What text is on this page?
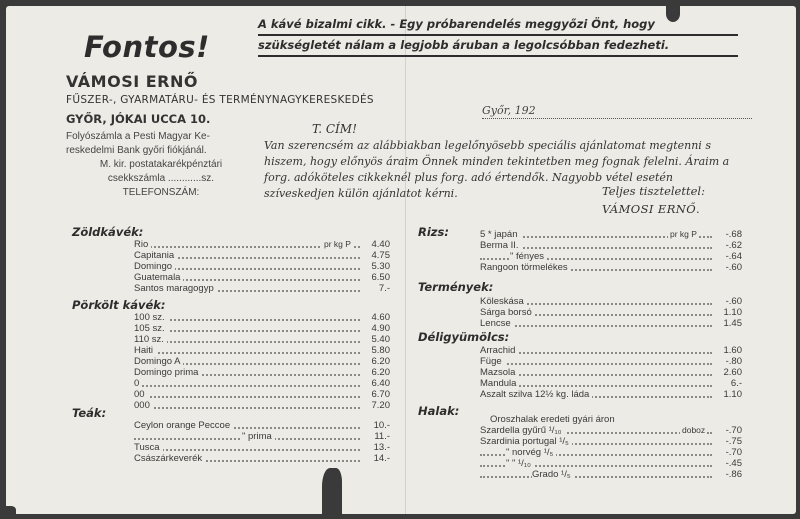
Fontos!
A kávé bizalmi cikk. - Egy próbarendelés meggyőzi Önt, hogy
szükségletét nálam a legjobb áruban a legolcsóbban fedezheti.
VÁMOSI ERNŐ
FŰSZER-, GYARMATÁRU- ÉS TERMÉNYNAGYKERESKEDÉS
GYŐR, JÓKAI UCCA 10.
Folyószámla a Pesti Magyar Ke-
reskedelmi Bank győri fiókjánál.

M. kir. postatakarékpénztári
csekkszámla ............sz.
TELEFONSZÁM:
Győr, 192
T. CÍM!
Van szerencsém az alábbiakban legelőnyösebb speciális ajánlatomat megtenni s hiszem, hogy előnyös áraim Önnek minden tekintetben meg fognak felelni. Áraim a forg. adóköteles cikkeknél plus forg. adó értendők. Nagyobb vétel esetén szíveskedjen külön ajánlatot kérni.	Teljes tisztelettel:
VÁMOSI ERNŐ.
Zöldkávék:
Rio	pr kg P	4.40
Capitania	4.75
Domingo	5.30
Guatemala	6.50
Santos maragogyp	7.-
Pörkölt kávék:
100 sz.	4.60
105 sz.	4.90
110 sz.	5.40
Haiti	5.80
Domingo A	6.20
Domingo prima	6.20
0	6.40
00	6.70
000	7.20
Teák:
Ceylon orange Peccoe	10.-
" prima	11.-
Tusca	13.-
Császárkeverék	14.-
Rizs:	5 * japán	pr kg P	-.68
Berma II.	-.62
" fényes	-.64
Rangoon törmelékes	-.60
Termények:
Köleskása	-.60
Sárga borsó	1.10
Lencse	1.45
Déligyümölcs:
Arrachid	1.60
Füge	-.80
Mazsola	2.60
Mandula	6.-
Aszalt szilva 12½ kg. láda	1.10
Halak:
Oroszhalak eredeti gyári áron
Szardella gyűrű ¹/₁₀	doboz	-.70
Szardinia portugal ¹/₅	-.75
" norvég ¹/₅	-.70
" " ¹/₁₀	-.45
Grado ¹/₅	-.86
